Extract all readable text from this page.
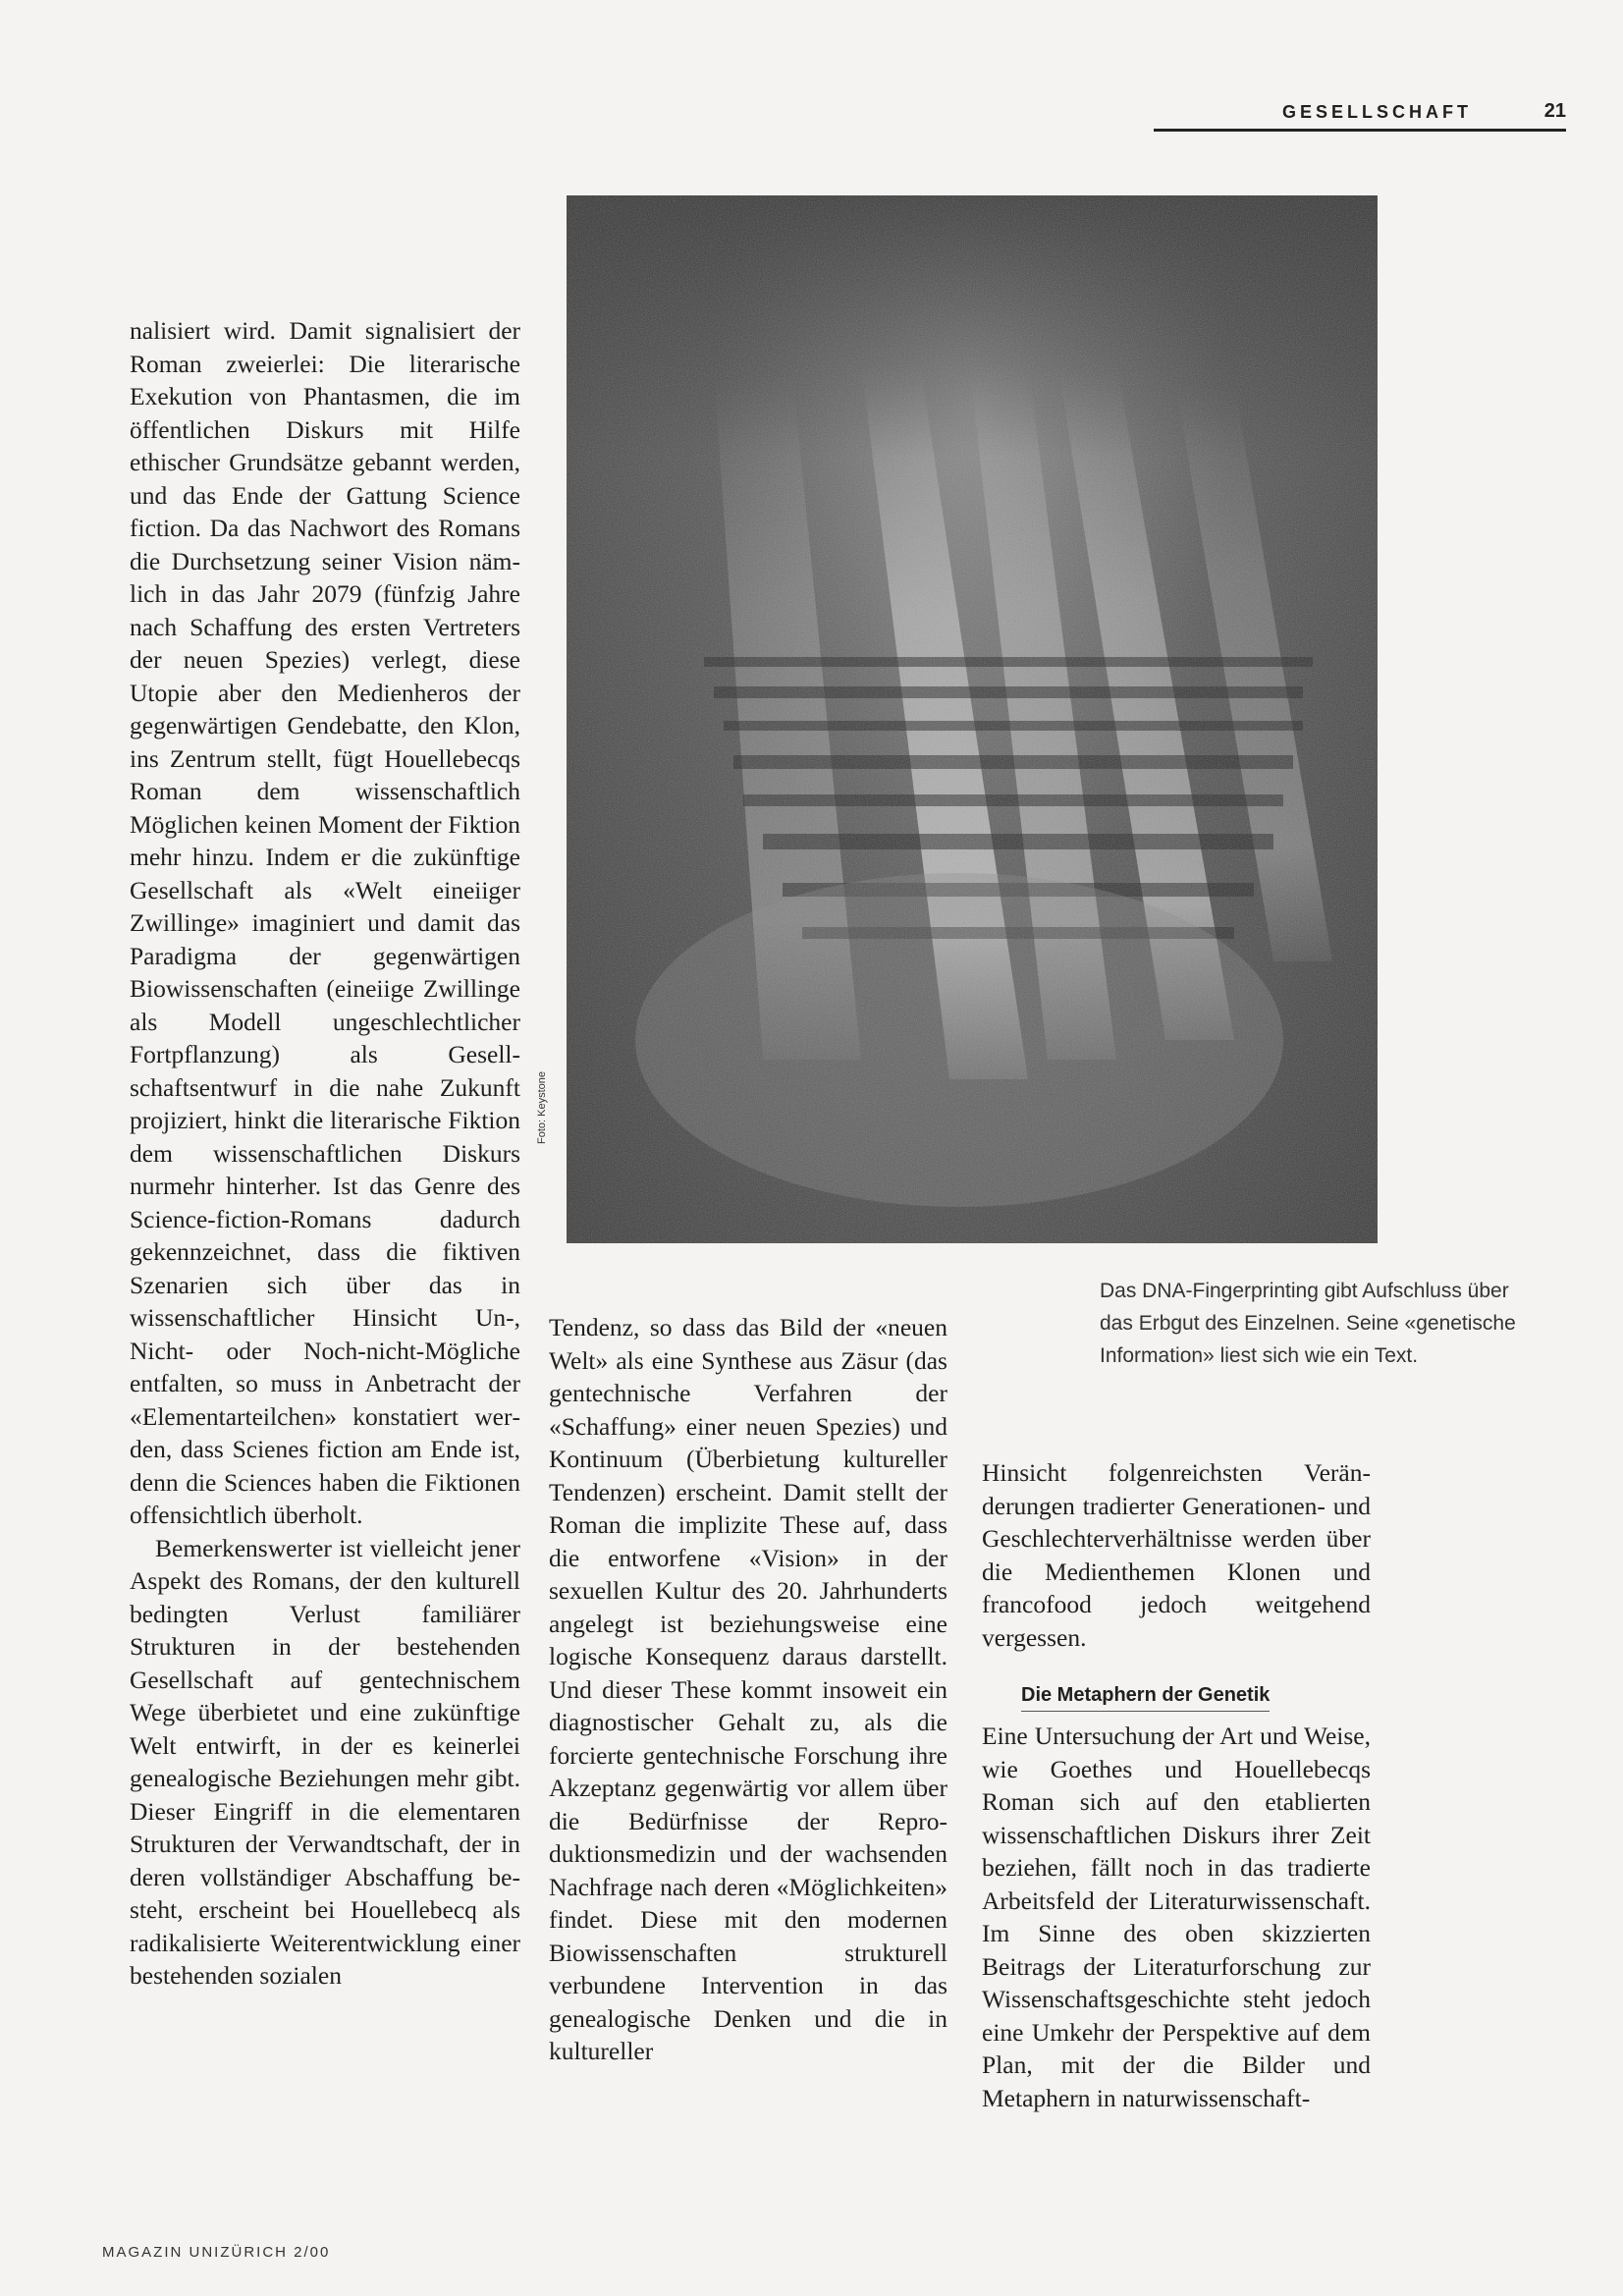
GESELLSCHAFT	21
Foto: Keystone
Das DNA-Fingerprinting gibt Aufschluss über das Erbgut des Einzelnen. Seine «genetische Information» liest sich wie ein Text.

nalisiert wird. Damit signalisiert der Roman zweierlei: Die literarische Exekution von Phantasmen, die im öffentlichen Diskurs mit Hilfe ethischer Grundsätze gebannt werden, und das Ende der Gattung Science fiction. Da das Nachwort des Romans die Durchsetzung seiner Vision nämlich in das Jahr 2079 (fünfzig Jahre nach Schaffung des ersten Vertreters der neuen Spezies) verlegt, diese Utopie aber den Medienheros der gegenwärtigen Gendebatte, den Klon, ins Zentrum stellt, fügt Houellebecqs Roman dem wissenschaftlich Möglichen keinen Moment der Fiktion mehr hinzu. Indem er die zukünftige Gesellschaft als «Welt eineiiger Zwillinge» imaginiert und damit das Paradigma der gegenwärtigen Biowissenschaften (eineiige Zwillinge als Modell ungeschlechtlicher Fortpflanzung) als Gesellschaftsentwurf in die nahe Zukunft projiziert, hinkt die literarische Fiktion dem wissenschaftlichen Diskurs nurmehr hinterher. Ist das Genre des Science-fiction-Romans dadurch gekennzeichnet, dass die fiktiven Szenarien sich über das in wissenschaftlicher Hinsicht Un-, Nicht- oder Noch-nicht-Mögliche entfalten, so muss in Anbetracht der «Elementarteilchen» konstatiert werden, dass Scienes fiction am Ende ist, denn die Sciences haben die Fiktionen offensichtlich überholt.

Bemerkenswerter ist vielleicht jener Aspekt des Romans, der den kulturell bedingten Verlust familiärer Strukturen in der bestehenden Gesellschaft auf gentechnischem Wege überbietet und eine zukünftige Welt entwirft, in der es keinerlei genealogische Beziehungen mehr gibt. Dieser Eingriff in die elementaren Strukturen der Verwandtschaft, der in deren vollständiger Abschaffung besteht, erscheint bei Houellebecq als radikalisierte Weiterentwicklung einer bestehenden sozialen

Tendenz, so dass das Bild der «neuen Welt» als eine Synthese aus Zäsur (das gentechnische Verfahren der «Schaffung» einer neuen Spezies) und Kontinuum (Überbietung kultureller Tendenzen) erscheint. Damit stellt der Roman die implizite These auf, dass die entworfene «Vision» in der sexuellen Kultur des 20. Jahrhunderts angelegt ist beziehungsweise eine logische Konsequenz daraus darstellt. Und dieser These kommt insoweit ein diagnostischer Gehalt zu, als die forcierte gentechnische Forschung ihre Akzeptanz gegenwärtig vor allem über die Bedürfnisse der Reproduktionsmedizin und der wachsenden Nachfrage nach deren «Möglichkeiten» findet. Diese mit den modernen Biowissenschaften strukturell verbundene Intervention in das genealogische Denken und die in kultureller

Hinsicht folgenreichsten Veränderungen tradierter Generationen- und Geschlechterverhältnisse werden über die Medienthemen Klonen und francofood jedoch weitgehend vergessen.

Die Metaphern der Genetik

Eine Untersuchung der Art und Weise, wie Goethes und Houellebecqs Roman sich auf den etablierten wissenschaftlichen Diskurs ihrer Zeit beziehen, fällt noch in das tradierte Arbeitsfeld der Literaturwissenschaft. Im Sinne des oben skizzierten Beitrags der Literaturforschung zur Wissenschaftsgeschichte steht jedoch eine Umkehr der Perspektive auf dem Plan, mit der die Bilder und Metaphern in naturwissenschaft-

MAGAZIN UNIZÜRICH 2/00
